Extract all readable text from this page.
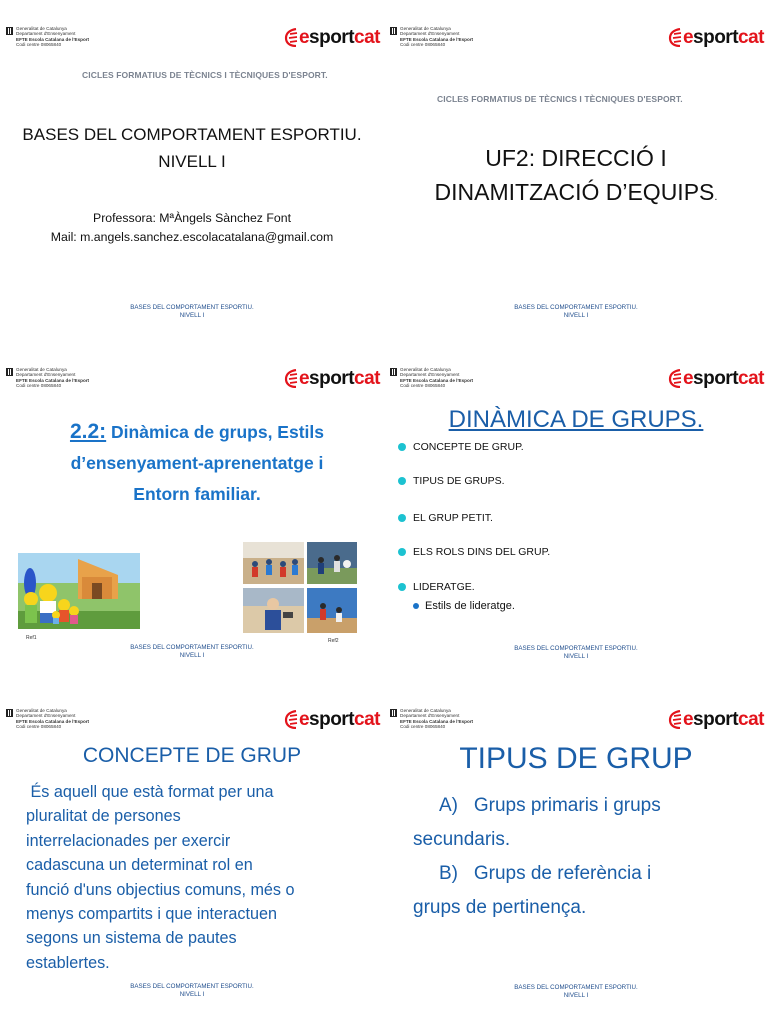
Generalitat de Catalunya
Departament d'Ensenyament
EFTE Escola Catalana de l'Esport
Codi centre 08065840	esportcat
CICLES FORMATIUS DE TÈCNICS I TÈCNIQUES D'ESPORT.
BASES DEL COMPORTAMENT ESPORTIU.
NIVELL I
Professora: MªÀngels Sànchez Font
Mail: m.angels.sanchez.escolacatalana@gmail.com
BASES DEL COMPORTAMENT ESPORTIU.
NIVELL I
Generalitat de Catalunya
Departament d'Ensenyament
EFTE Escola Catalana de l'Esport
Codi centre 08065840	esportcat
CICLES FORMATIUS DE TÈCNICS I TÈCNIQUES D'ESPORT.
UF2: DIRECCIÓ I
DINAMITZACIÓ D’EQUIPS.
BASES DEL COMPORTAMENT ESPORTIU.
NIVELL I
Generalitat de Catalunya
Departament d'Ensenyament
EFTE Escola Catalana de l'Esport
Codi centre 08065840	esportcat
2.2: Dinàmica de grups, Estils
d’ensenyament-aprenentatge i
Entorn familiar.
Ref1	Ref2
BASES DEL COMPORTAMENT ESPORTIU.
NIVELL I
Generalitat de Catalunya
Departament d'Ensenyament
EFTE Escola Catalana de l'Esport
Codi centre 08065840	esportcat
DINÀMICA DE GRUPS.
CONCEPTE DE GRUP.
TIPUS DE GRUPS.
EL GRUP PETIT.
ELS ROLS DINS DEL GRUP.
LIDERATGE.
Estils de lideratge.
BASES DEL COMPORTAMENT ESPORTIU.
NIVELL I
Generalitat de Catalunya
Departament d'Ensenyament
EFTE Escola Catalana de l'Esport
Codi centre 08065840	esportcat
CONCEPTE DE GRUP
És aquell que està format per una
pluralitat de persones
interrelacionades per exercir
cadascuna un determinat rol en
funció d'uns objectius comuns, més o
menys compartits i que interactuen
segons un sistema de pautes
establertes.
BASES DEL COMPORTAMENT ESPORTIU.
NIVELL I
Generalitat de Catalunya
Departament d'Ensenyament
EFTE Escola Catalana de l'Esport
Codi centre 08065840	esportcat
TIPUS DE GRUP
A)   Grups primaris i grups
secundaris.
B)   Grups de referència i
grups de pertinença.
BASES DEL COMPORTAMENT ESPORTIU.
NIVELL I
